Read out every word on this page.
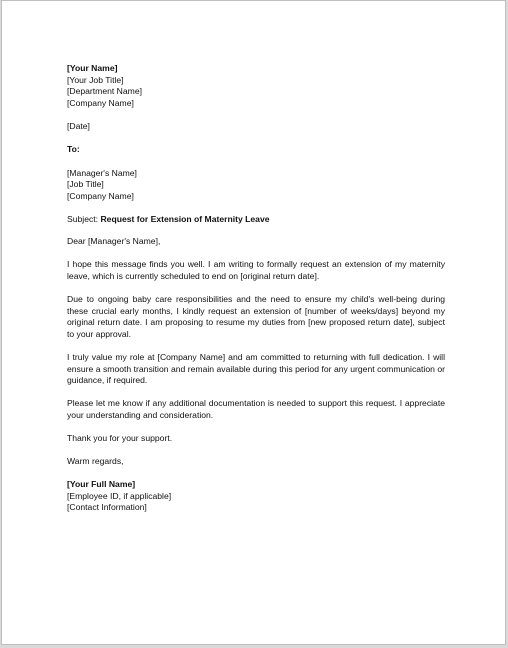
[Your Name]
[Your Job Title]
[Department Name]
[Company Name]
[Date]
To:
[Manager's Name]
[Job Title]
[Company Name]
Subject: Request for Extension of Maternity Leave
Dear [Manager's Name],
I hope this message finds you well. I am writing to formally request an extension of my maternity leave, which is currently scheduled to end on [original return date].
Due to ongoing baby care responsibilities and the need to ensure my child's well-being during these crucial early months, I kindly request an extension of [number of weeks/days] beyond my original return date. I am proposing to resume my duties from [new proposed return date], subject to your approval.
I truly value my role at [Company Name] and am committed to returning with full dedication. I will ensure a smooth transition and remain available during this period for any urgent communication or guidance, if required.
Please let me know if any additional documentation is needed to support this request. I appreciate your understanding and consideration.
Thank you for your support.
Warm regards,
[Your Full Name]
[Employee ID, if applicable]
[Contact Information]
